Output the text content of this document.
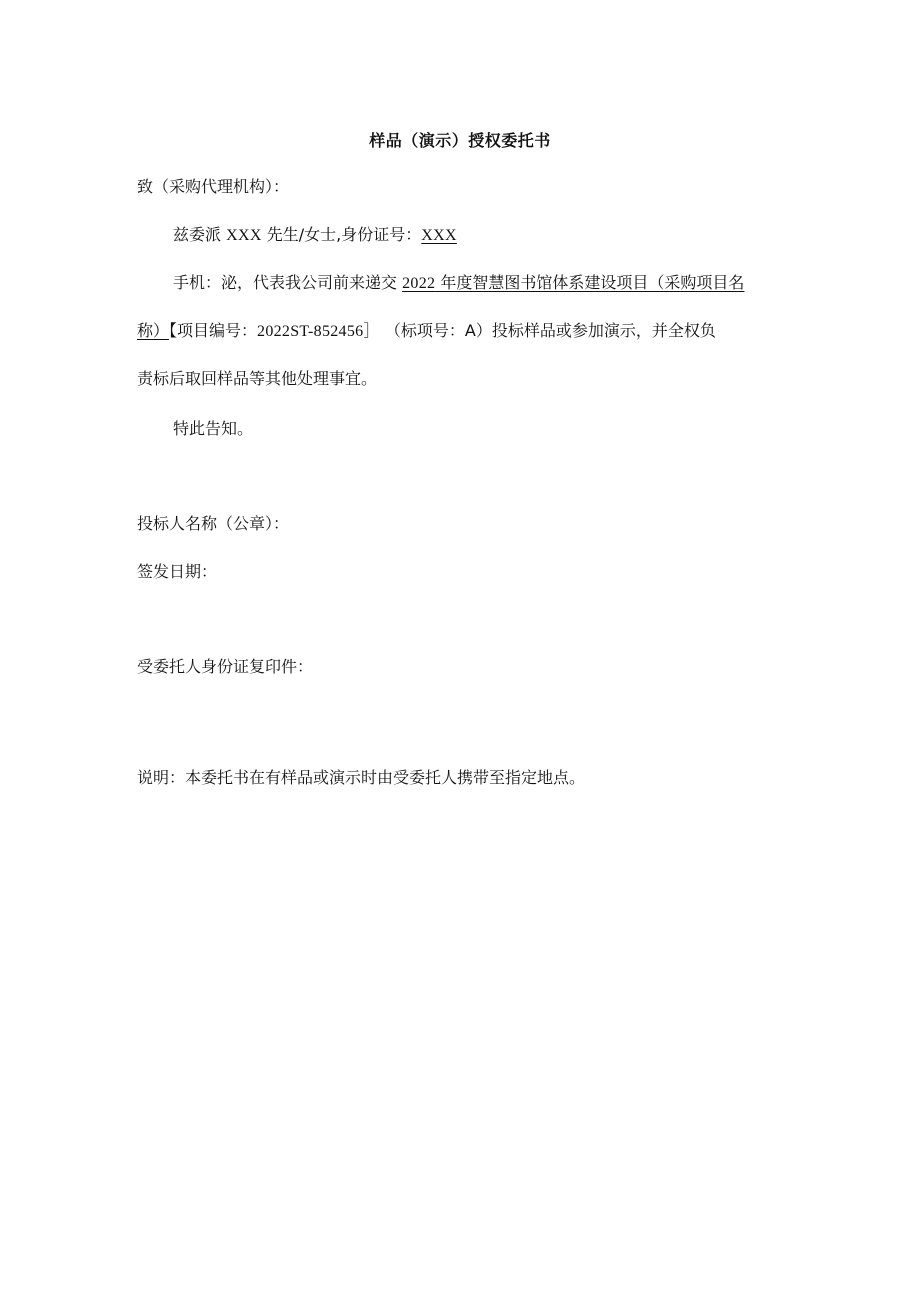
样品（演示）授权委托书
致（采购代理机构）：
兹委派 XXX 先生/女士,身份证号：XXX
手机：泌，代表我公司前来递交 2022 年度智慧图书馆体系建设项目（采购项目名
称）【项目编号：2022ST-852456］ （标项号：A）投标样品或参加演示，并全权负
责标后取回样品等其他处理事宜。
特此告知。
投标人名称（公章）：
签发日期：
受委托人身份证复印件：
说明：本委托书在有样品或演示时由受委托人携带至指定地点。
